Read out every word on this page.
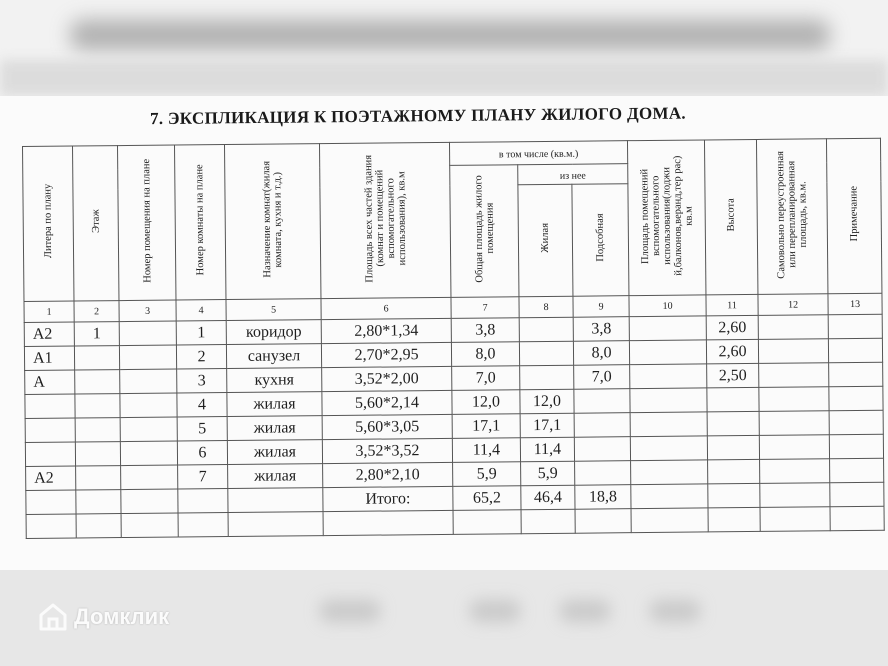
7. ЭКСПЛИКАЦИЯ К ПОЭТАЖНОМУ ПЛАНУ ЖИЛОГО ДОМА.
Литера по плану	Этаж	Номер помещения на плане	Номер комнаты на плане	Назначение комнат(жилая комната, кухня и т.д.)	Площадь всех частей здания (комнат и помещений вспомогательного использования), кв.м	в том числе (кв.м.)			Площадь помещений вспомогательного использования(лоджи й,балконов,веранд,тер рас) кв.м	Высота	Самовольно переустроенная или перепланированная площадь, кв.м.	Примечание
						Общая площадь жилого помещения	из нее					
							Жилая	Подсобная				
1	2	3	4	5	6	7	8	9	10	11	12	13
А2	1		1	коридор	2,80*1,34	3,8		3,8		2,60		
А1			2	санузел	2,70*2,95	8,0		8,0		2,60		
А			3	кухня	3,52*2,00	7,0		7,0		2,50		
			4	жилая	5,60*2,14	12,0	12,0					
			5	жилая	5,60*3,05	17,1	17,1					
			6	жилая	3,52*3,52	11,4	11,4					
А2			7	жилая	2,80*2,10	5,9	5,9					
					Итого:	65,2	46,4	18,8				

Домклик
